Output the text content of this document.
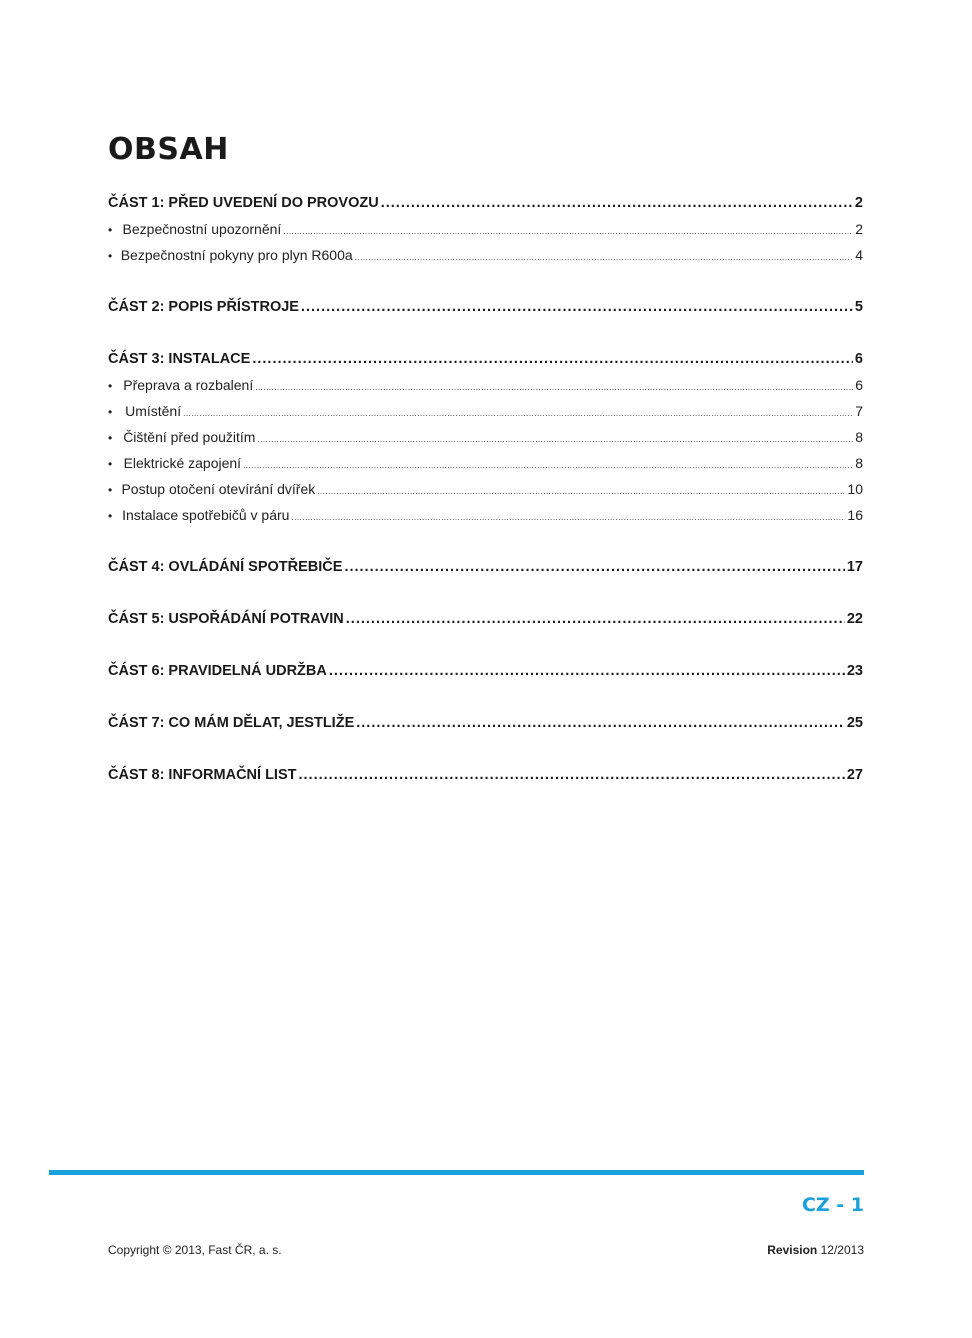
OBSAH
ČÁST 1: PŘED UVEDENÍ DO PROVOZU .....	2
• Bezpečnostní upozornění .....	2
• Bezpečnostní pokyny pro plyn R600a .....	4
ČÁST 2: POPIS PŘÍSTROJE .....	5
ČÁST 3: INSTALACE .....	6
• Přeprava a rozbalení .....	6
• Umístění .....	7
• Čištění před použitím .....	8
• Elektrické zapojení .....	8
• Postup otočení otevírání dvířek .....	10
• Instalace spotřebičů v páru .....	16
ČÁST 4: OVLÁDÁNÍ SPOTŘEBIČE .....	17
ČÁST 5: USPOŘÁDÁNÍ POTRAVIN .....	22
ČÁST 6: PRAVIDELNÁ UDRŽBA .....	23
ČÁST 7: CO MÁM DĚLAT, JESTLIŽE .....	25
ČÁST 8: INFORMAČNÍ LIST .....	27
CZ - 1
Copyright © 2013, Fast ČR, a. s.	Revision 12/2013
